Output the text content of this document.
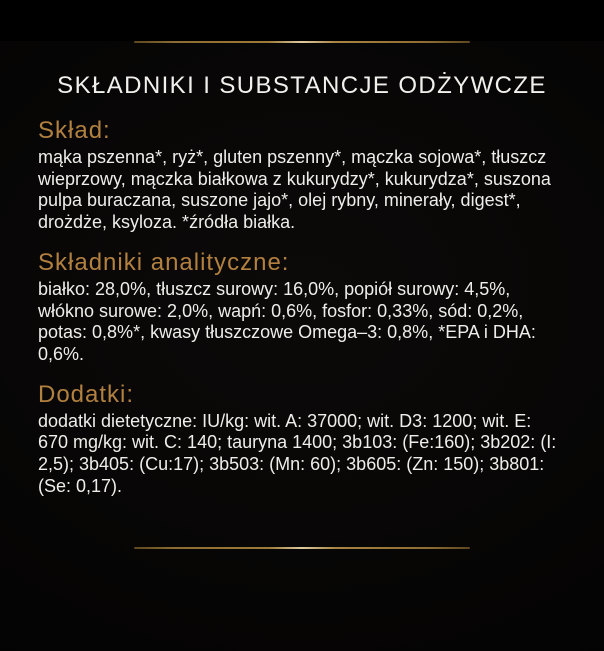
SKŁADNIKI I SUBSTANCJE ODŻYWCZE
Skład:

mąka pszenna*, ryż*, gluten pszenny*, mączka sojowa*, tłuszcz wieprzowy, mączka białkowa z kukurydzy*, kukurydza*, suszona pulpa buraczana, suszone jajo*, olej rybny, minerały, digest*, drożdże, ksyloza. *źródła białka.

Składniki analityczne:

białko: 28,0%, tłuszcz surowy: 16,0%, popiół surowy: 4,5%, włókno surowe: 2,0%, wapń: 0,6%, fosfor: 0,33%, sód: 0,2%, potas: 0,8%*, kwasy tłuszczowe Omega–3: 0,8%, *EPA i DHA: 0,6%.

Dodatki:

dodatki dietetyczne: IU/kg: wit. A: 37000; wit. D3: 1200; wit. E: 670 mg/kg: wit. C: 140; tauryna 1400; 3b103: (Fe:160); 3b202: (I: 2,5); 3b405: (Cu:17); 3b503: (Mn: 60); 3b605: (Zn: 150); 3b801: (Se: 0,17).
